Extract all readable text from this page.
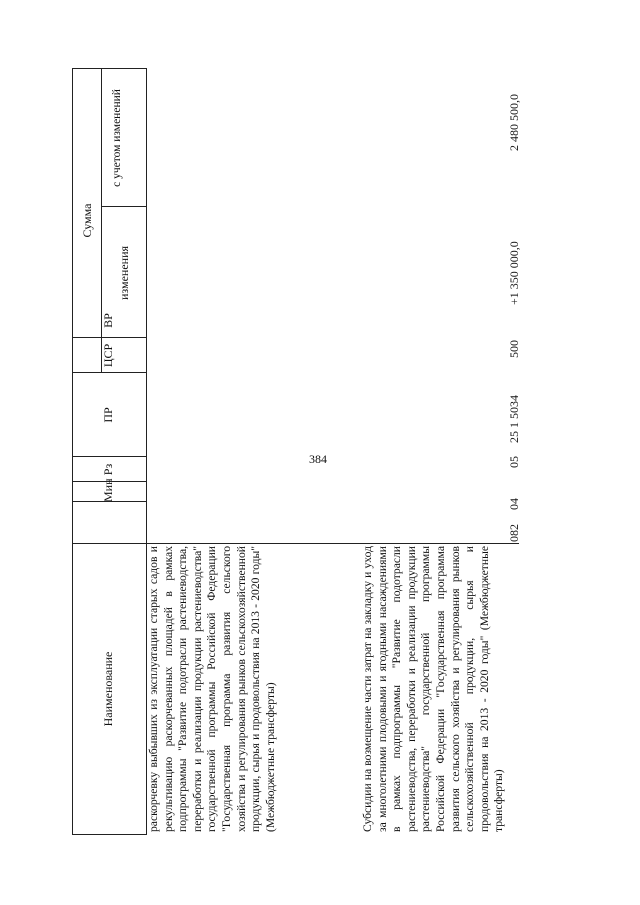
384
Наименование
Мин
Рз
ПР
ЦСР
ВР
Сумма
изменения
с учетом изменений
раскорчевку выбывших из эксплуатации старых садов и рекультивацию раскорчеванных площадей в рамках подпрограммы "Развитие подотрасли растениеводства, переработки и реализации продукции растениеводства" государственной программы Российской Федерации "Государственная программа развития сельского хозяйства и регулирования рынков сельскохозяйственной продукции, сырья и продовольствия на 2013 - 2020 годы" (Межбюджетные трансферты)	Субсидии на возмещение части затрат на закладку и уход за многолетними плодовыми и ягодными насаждениями в рамках подпрограммы "Развитие подотрасли растениеводства, переработки и реализации продукции растениеводства" государственной программы Российской Федерации "Государственная программа развития сельского хозяйства и регулирования рынков сельскохозяйственной продукции, сырья и продовольствия на 2013 - 2020 годы" (Межбюджетные трансферты)
082
04
05
25 1 5034
500
+1 350 000,0
2 480 500,0
